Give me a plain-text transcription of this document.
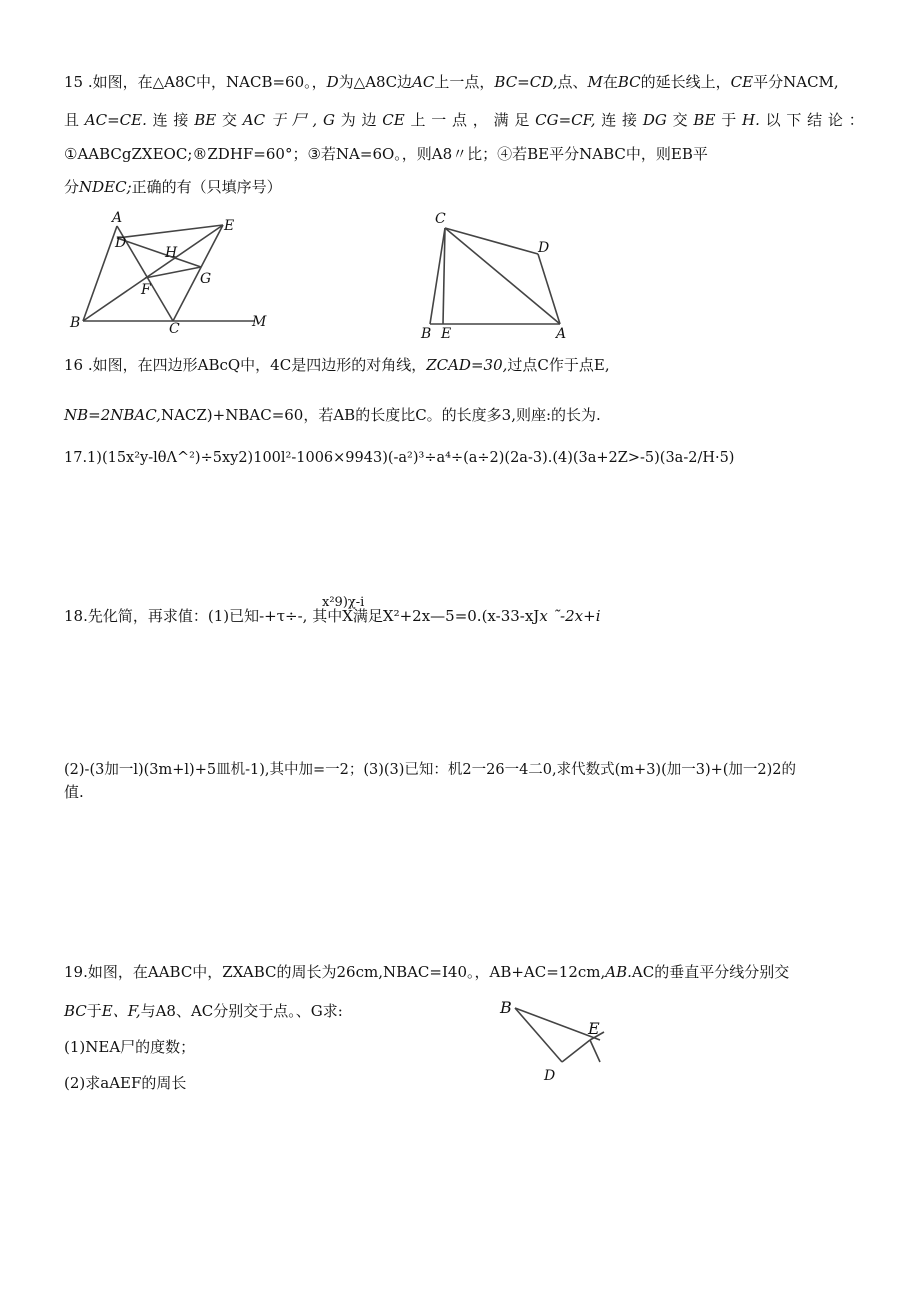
15 .如图，在△A8C中，NACB=60。，D为△A8C边AC上一点，BC=CD,点、M在BC的延长线上，CE平分NACM,
且 AC=CE. 连 接 BE 交 AC 于 尸 , G 为 边 CE 上 一 点 ， 满 足 CG=CF, 连 接 DG 交 BE 于 H. 以 下 结 论 ：
①AABCgZXEOC;®ZDHF=60°；③若NA=6O。，则A8〃比；④若BE平分NABC中，则EB平
分NDEC;正确的有（只填序号）
A
D
E
H
G
F
B	C	M
C
D
B E	A
16 .如图，在四边形ABcQ中，4C是四边形的对角线，ZCAD=30,过点C作于点E,
NB=2NBAC,NACZ)+NBAC=60，若AB的长度比C。的长度多3,则座:的长为.
17.1)(15x²y-lθΛ^²)÷5xy2)100l²-1006×9943)(-a²)³÷a⁴÷(a÷2)(2a-3).(4)(3a+2Z>-5)(3a-2∕H·5)
x²9)χ-i
18.先化简，再求值：(1)已知-+τ÷-, 其中X满足X²+2x—5=0.(x-33-xJx ˜-2x+i
(2)-(3加一l)(3m+l)+5皿机-1),其中加=一2；(3)(3)已知：机2一26一4二0,求代数式(m+3)(加一3)+(加一2)2的
值.
19.如图，在AABC中，ZXABC的周长为26cm,NBAC=I40。，AB+AC=12cm,AB.AC的垂直平分线分别交
BC于E、F,与A8、AC分别交于点。、G求:
(1)NEA尸的度数；
(2)求aAEF的周长
B
E
D
